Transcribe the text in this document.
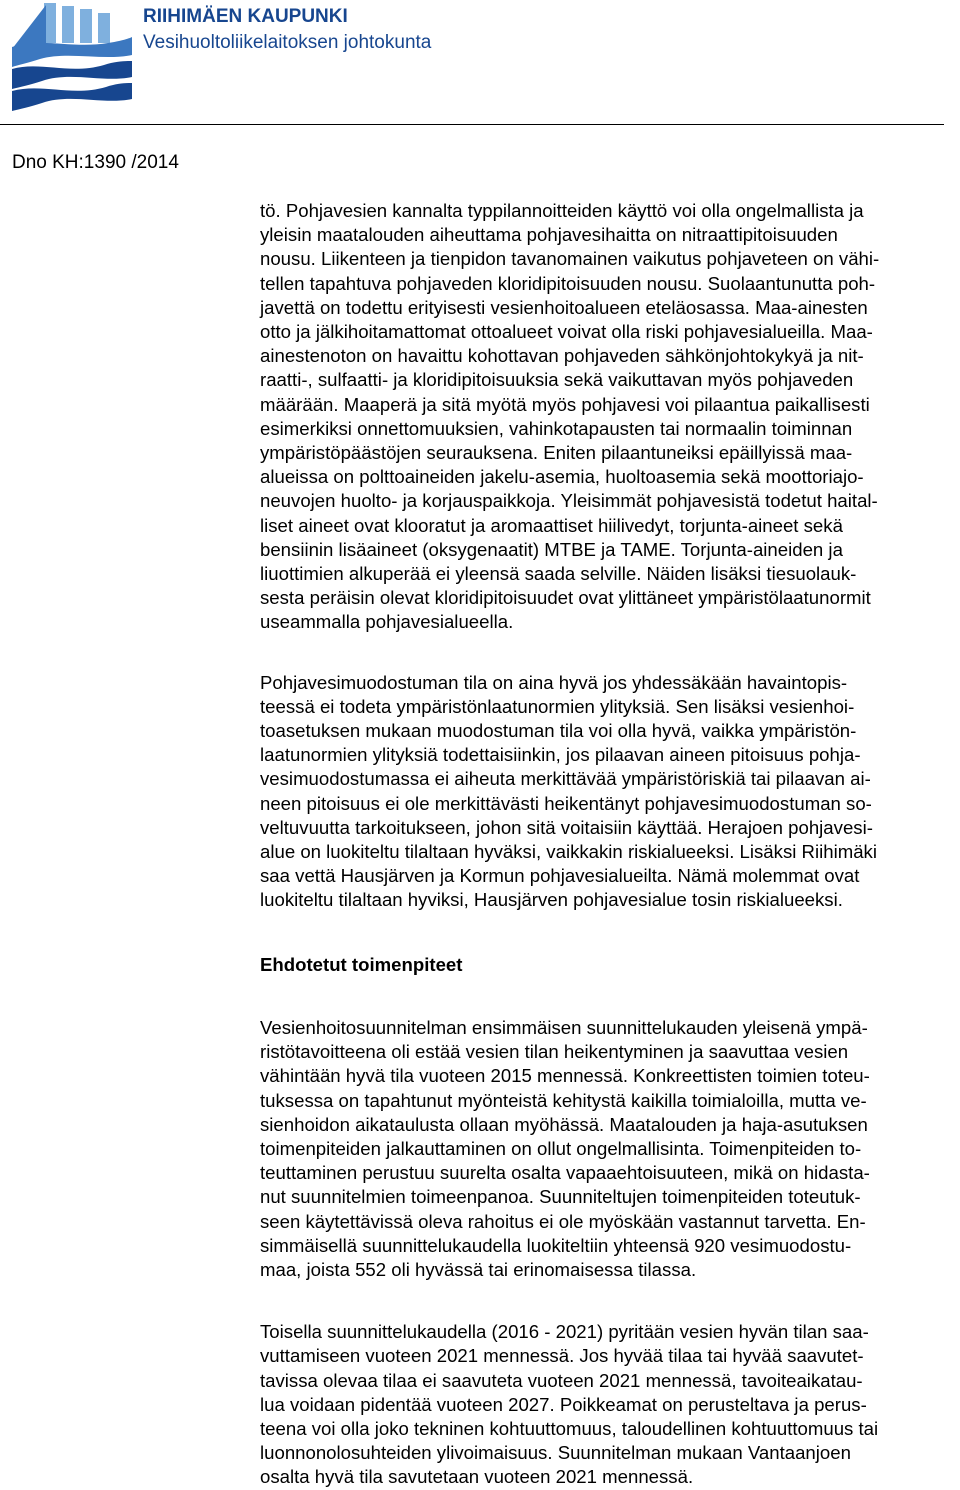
RIIHIMÄEN KAUPUNKI
Vesihuoltoliikelaitoksen johtokunta
Dno KH:1390 /2014

tö. Pohjavesien kannalta typpilannoitteiden käyttö voi olla ongelmallista ja
yleisin maatalouden aiheuttama pohjavesihaitta on nitraattipitoisuuden
nousu. Liikenteen ja tienpidon tavanomainen vaikutus pohjaveteen on vähi-
tellen tapahtuva pohjaveden kloridipitoisuuden nousu. Suolaantunutta poh-
javettä on todettu erityisesti vesienhoitoalueen eteläosassa. Maa-ainesten
otto ja jälkihoitamattomat ottoalueet voivat olla riski pohjavesialueilla. Maa-
ainestenoton on havaittu kohottavan pohjaveden sähkönjohtokykyä ja nit-
raatti-, sulfaatti- ja kloridipitoisuuksia sekä vaikuttavan myös pohjaveden
määrään. Maaperä ja sitä myötä myös pohjavesi voi pilaantua paikallisesti
esimerkiksi onnettomuuksien, vahinkotapausten tai normaalin toiminnan
ympäristöpäästöjen seurauksena. Eniten pilaantuneiksi epäillyissä maa-
alueissa on polttoaineiden jakelu-asemia, huoltoasemia sekä moottoriajo-
neuvojen huolto- ja korjauspaikkoja. Yleisimmät pohjavesistä todetut haital-
liset aineet ovat klooratut ja aromaattiset hiilivedyt, torjunta-aineet sekä
bensiinin lisäaineet (oksygenaatit) MTBE ja TAME. Torjunta-aineiden ja
liuottimien alkuperää ei yleensä saada selville. Näiden lisäksi tiesuolauk-
sesta peräisin olevat kloridipitoisuudet ovat ylittäneet ympäristölaatunormit
useammalla pohjavesialueella.

Pohjavesimuodostuman tila on aina hyvä jos yhdessäkään havaintopis-
teessä ei todeta ympäristönlaatunormien ylityksiä. Sen lisäksi vesienhoi-
toasetuksen mukaan muodostuman tila voi olla hyvä, vaikka ympäristön-
laatunormien ylityksiä todettaisiinkin, jos pilaavan aineen pitoisuus pohja-
vesimuodostumassa ei aiheuta merkittävää ympäristöriskiä tai pilaavan ai-
neen pitoisuus ei ole merkittävästi heikentänyt pohjavesimuodostuman so-
veltuvuutta tarkoitukseen, johon sitä voitaisiin käyttää. Herajoen pohjavesi-
alue on luokiteltu tilaltaan hyväksi, vaikkakin riskialueeksi. Lisäksi Riihimäki
saa vettä Hausjärven ja Kormun pohjavesialueilta. Nämä molemmat ovat
luokiteltu tilaltaan hyviksi, Hausjärven pohjavesialue tosin riskialueeksi.

Ehdotetut toimenpiteet

Vesienhoitosuunnitelman ensimmäisen suunnittelukauden yleisenä ympä-
ristötavoitteena oli estää vesien tilan heikentyminen ja saavuttaa vesien
vähintään hyvä tila vuoteen 2015 mennessä. Konkreettisten toimien toteu-
tuksessa on tapahtunut myönteistä kehitystä kaikilla toimialoilla, mutta ve-
sienhoidon aikataulusta ollaan myöhässä. Maatalouden ja haja-asutuksen
toimenpiteiden jalkauttaminen on ollut ongelmallisinta. Toimenpiteiden to-
teuttaminen perustuu suurelta osalta vapaaehtoisuuteen, mikä on hidasta-
nut suunnitelmien toimeenpanoa. Suunniteltujen toimenpiteiden toteutuk-
seen käytettävissä oleva rahoitus ei ole myöskään vastannut tarvetta. En-
simmäisellä suunnittelukaudella luokiteltiin yhteensä 920 vesimuodostu-
maa, joista 552 oli hyvässä tai erinomaisessa tilassa.

Toisella suunnittelukaudella (2016 - 2021) pyritään vesien hyvän tilan saa-
vuttamiseen vuoteen 2021 mennessä. Jos hyvää tilaa tai hyvää saavutet-
tavissa olevaa tilaa ei saavuteta vuoteen 2021 mennessä, tavoiteaikatau-
lua voidaan pidentää vuoteen 2027. Poikkeamat on perusteltava ja perus-
teena voi olla joko tekninen kohtuuttomuus, taloudellinen kohtuuttomuus tai
luonnonolosuhteiden ylivoimaisuus. Suunnitelman mukaan Vantaanjoen
osalta hyvä tila savutetaan vuoteen 2021 mennessä.
